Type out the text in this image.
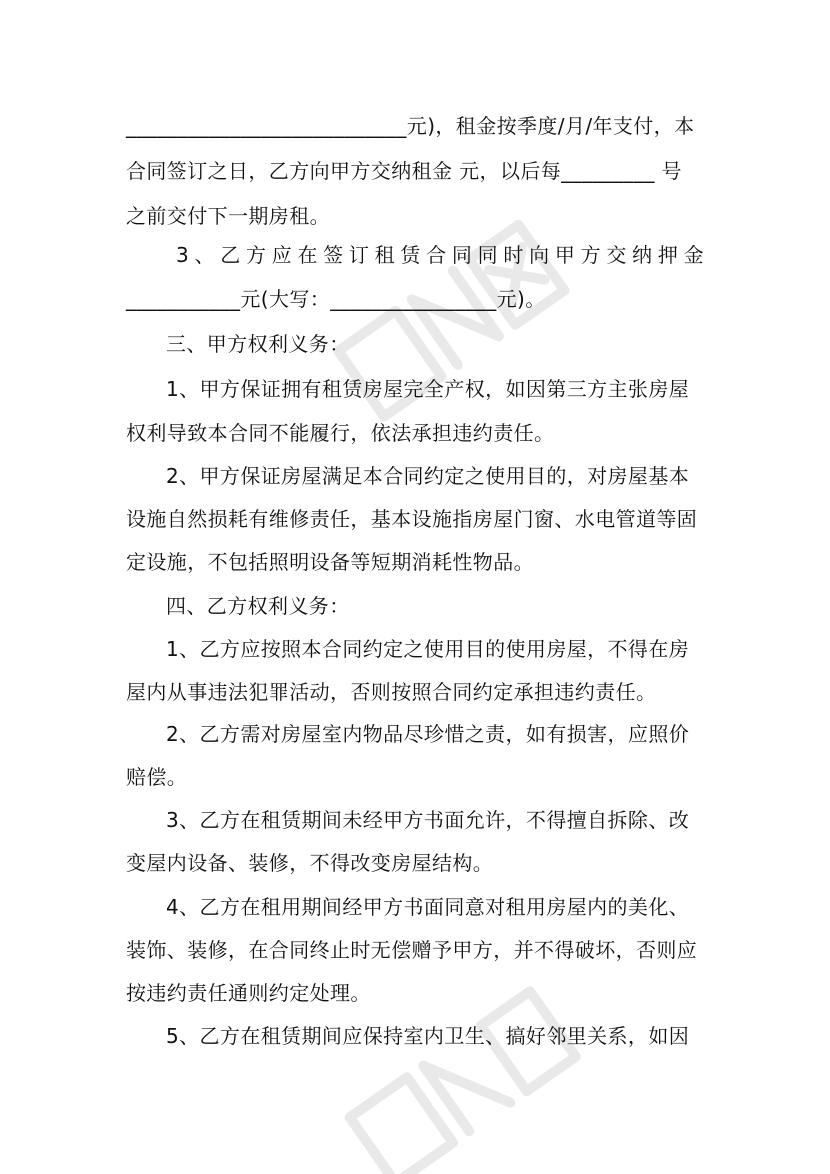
___________________________元)，租金按季度/月/年支付，本
合同签订之日，乙方向甲方交纳租金 元，以后每_________ 号
之前交付下一期房租。
3、乙方应在签订租赁合同同时向甲方交纳押金
___________元(大写：________________元)。
三、甲方权利义务：
1、甲方保证拥有租赁房屋完全产权，如因第三方主张房屋
权利导致本合同不能履行，依法承担违约责任。
2、甲方保证房屋满足本合同约定之使用目的，对房屋基本
设施自然损耗有维修责任，基本设施指房屋门窗、水电管道等固
定设施，不包括照明设备等短期消耗性物品。
四、乙方权利义务：
1、乙方应按照本合同约定之使用目的使用房屋，不得在房
屋内从事违法犯罪活动，否则按照合同约定承担违约责任。
2、乙方需对房屋室内物品尽珍惜之责，如有损害，应照价
赔偿。
3、乙方在租赁期间未经甲方书面允许，不得擅自拆除、改
变屋内设备、装修，不得改变房屋结构。
4、乙方在租用期间经甲方书面同意对租用房屋内的美化、
装饰、装修，在合同终止时无偿赠予甲方，并不得破坏，否则应
按违约责任通则约定处理。
5、乙方在租赁期间应保持室内卫生、搞好邻里关系，如因
